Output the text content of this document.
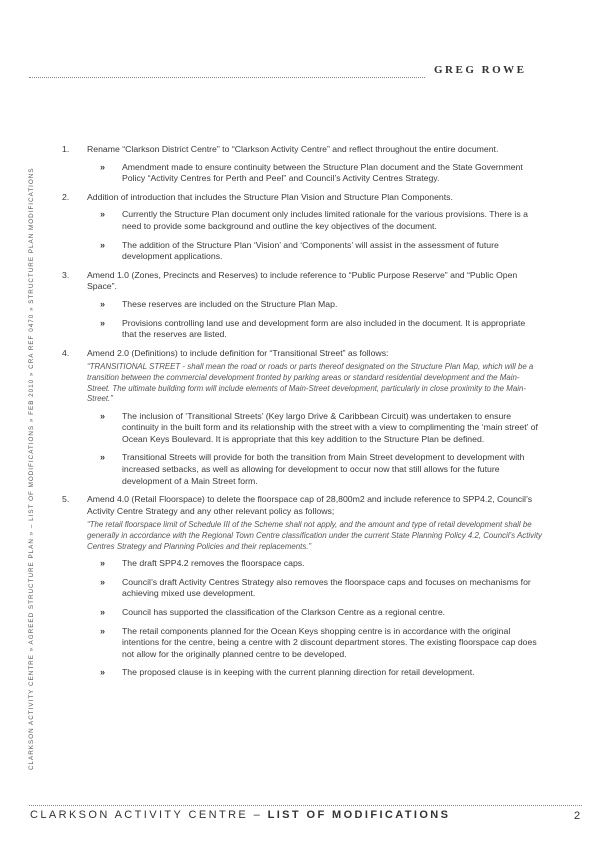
GREG ROWE
CLARKSON ACTIVITY CENTRE » AGREED STRUCTURE PLAN » – LIST OF MODIFICATIONS » FEB 2010 » CRA REF 0470 » STRUCTURE PLAN MODIFICATIONS
1. Rename “Clarkson District Centre” to “Clarkson Activity Centre” and reflect throughout the entire document.
» Amendment made to ensure continuity between the Structure Plan document and the State Government Policy “Activity Centres for Perth and Peel” and Council’s Activity Centres Strategy.
2. Addition of introduction that includes the Structure Plan Vision and Structure Plan Components.
» Currently the Structure Plan document only includes limited rationale for the various provisions. There is a need to provide some background and outline the key objectives of the document.
» The addition of the Structure Plan ‘Vision’ and ‘Components’ will assist in the assessment of future development applications.
3. Amend 1.0 (Zones, Precincts and Reserves) to include reference to “Public Purpose Reserve” and “Public Open Space”.
» These reserves are included on the Structure Plan Map.
» Provisions controlling land use and development form are also included in the document. It is appropriate that the reserves are listed.
4. Amend 2.0 (Definitions) to include definition for “Transitional Street” as follows:
“TRANSITIONAL STREET - shall mean the road or roads or parts thereof designated on the Structure Plan Map, which will be a transition between the commercial development fronted by parking areas or standard residential development and the Main-Street. The ultimate building form will include elements of Main-Street development, particularly in close proximity to the Main-Street.”
» The inclusion of ‘Transitional Streets’ (Key largo Drive & Caribbean Circuit) was undertaken to ensure continuity in the built form and its relationship with the street with a view to complimenting the ‘main street’ of Ocean Keys Boulevard. It is appropriate that this key addition to the Structure Plan be defined.
» Transitional Streets will provide for both the transition from Main Street development to development with increased setbacks, as well as allowing for development to occur now that still allows for the future development of a Main Street form.
5. Amend 4.0 (Retail Floorspace) to delete the floorspace cap of 28,800m2 and include reference to SPP4.2, Council’s Activity Centre Strategy and any other relevant policy as follows;
“The retail floorspace limit of Schedule III of the Scheme shall not apply, and the amount and type of retail development shall be generally in accordance with the Regional Town Centre classification under the current State Planning Policy 4.2, Council’s Activity Centres Strategy and Planning Policies and their replacements.”
» The draft SPP4.2 removes the floorspace caps.
» Council’s draft Activity Centres Strategy also removes the floorspace caps and focuses on mechanisms for achieving mixed use development.
» Council has supported the classification of the Clarkson Centre as a regional centre.
» The retail components planned for the Ocean Keys shopping centre is in accordance with the original intentions for the centre, being a centre with 2 discount department stores. The existing floorspace cap does not allow for the originally planned centre to be developed.
» The proposed clause is in keeping with the current planning direction for retail development.
CLARKSON ACTIVITY CENTRE – LIST OF MODIFICATIONS	2
